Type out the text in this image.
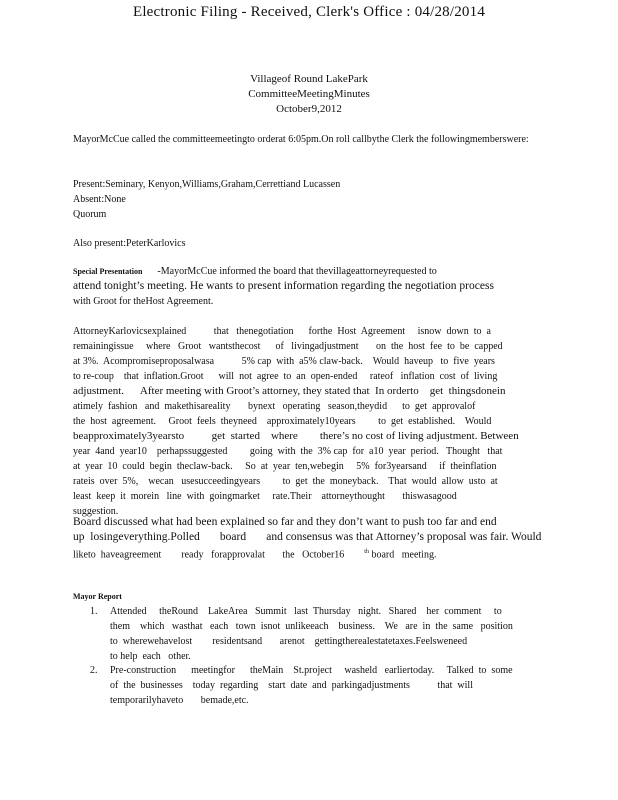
Electronic Filing - Received, Clerk's Office : 04/28/2014
Villageof Round LakePark
CommitteeMeetingMinutes
October9,2012
MayorMcCue called the committeemeetingto orderat 6:05pm.On roll callbythe Clerk the followingmemberswere:
Present:Seminary, Kenyon,Williams,Graham,Cerrettiand Lucassen
Absent:None
Quorum
Also present:PeterKarlovics
Special Presentation -MayorMcCue informed the board that thevillageattorneyrequested to
attend tonight’s meeting. He wants to present information regarding the negotiation process
with Groot for theHost Agreement.
AttorneyKarlovicsexplained           that   thenegotiation      forthe  Host  Agreement     isnow  down  to  a
remainingissue     where   Groot   wantsthecost      of   livingadjustment       on  the  host  fee  to  be  capped
at 3%.  Acompromiseproposalwasa           5% cap  with  a5% claw-back.    Would  haveup   to  five  years
to re-coup    that  inflation.Groot      will  not  agree  to  an  open-ended     rateof   inflation  cost  of  living
adjustment.      After meeting with Groot’s attorney, they stated that  In orderto    get  thingsdonein
atimely  fashion   and  makethisareality       bynext   operating   season,theydid      to  get  approvalof
the  host  agreement.     Groot  feels  theyneed    approximately10years         to  get  established.    Would
beapproximately3yearsto          get  started    where        there’s no cost of living adjustment. Between
year  4and  year10    perhapssuggested         going  with  the  3% cap  for  a10  year  period.   Thought   that
at  year  10  could  begin  theclaw-back.     So  at  year  ten,webegin     5%  for3yearsand     if  theinflation
rateis  over  5%,    wecan   usesucceedingyears         to  get  the  moneyback.    That  would  allow  usto  at
least  keep  it  morein   line  with  goingmarket     rate.Their    attorneythought       thiswasagood
suggestion.
Board discussed what had been explained so far and they don’t want to push too far and end
up  losingeverything.Polled       board       and consensus was that Attorney’s proposal was fair. Would
liketo  haveagreement        ready   forapprovalat       the   October16        $^{th}$ board   meeting.
Mayor Report
1. Attended     theRound    LakeArea   Summit   last  Thursday   night.   Shared    her  comment     to
them    which   wasthat   each   town  isnot  unlikeeach    business.    We   are  in  the  same   position
to  wherewehavelost        residentsand       arenot    gettingtherealestatetaxes.Feelsweneed
to help  each   other.
2. Pre-construction      meetingfor      theMain    St.project     washeld   earliertoday.     Talked  to  some
of  the  businesses    today  regarding    start  date  and  parkingadjustments           that  will
temporarilyhaveto       bemade,etc.
